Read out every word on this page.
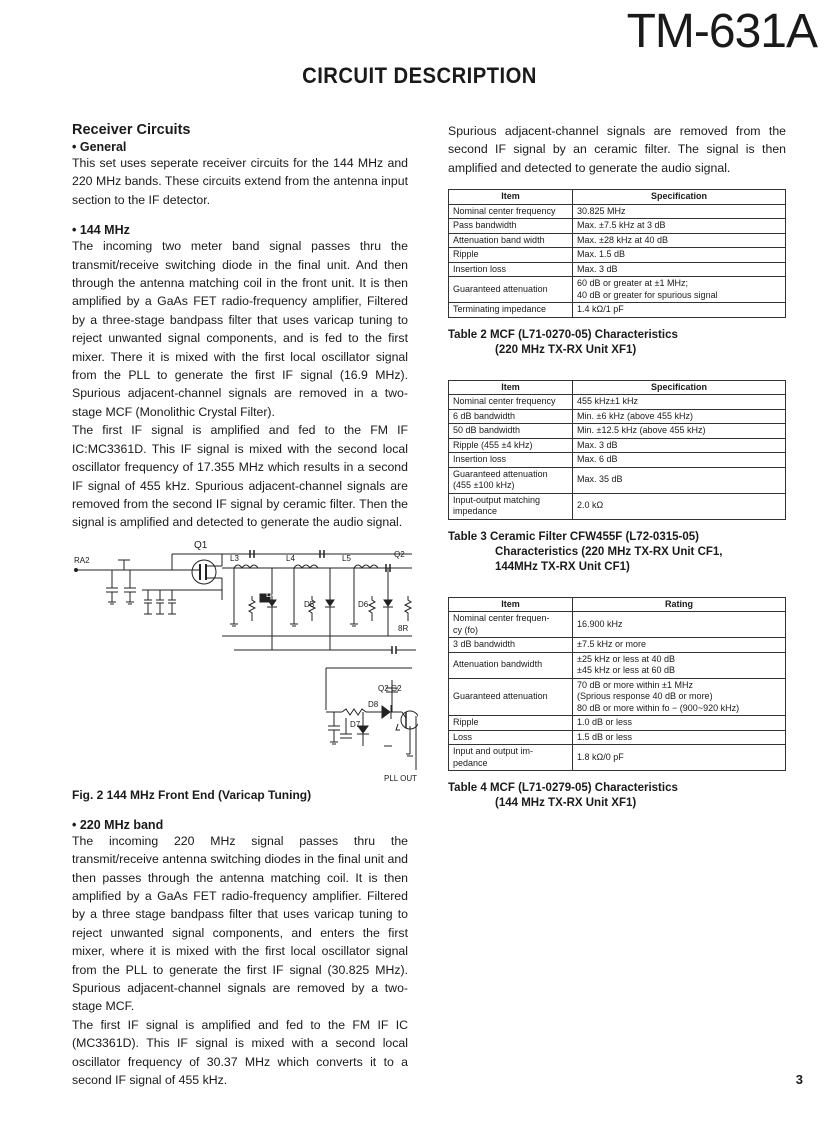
TM-631A
CIRCUIT DESCRIPTION
Receiver Circuits
• General

This set uses seperate receiver circuits for the 144 MHz and 220 MHz bands. These circuits extend from the antenna input section to the IF detector.

• 144 MHz

The incoming two meter band signal passes thru the transmit/receive switching diode in the final unit. And then through the antenna matching coil in the front unit. It is then amplified by a GaAs FET radio-frequency amplifier, Filtered by a three-stage bandpass filter that uses varicap tuning to reject unwanted signal components, and is fed to the first mixer. There it is mixed with the first local oscillator signal from the PLL to generate the first IF signal (16.9 MHz). Spurious adjacent-channel signals are removed in a two-stage MCF (Monolithic Crystal Filter).

The first IF signal is amplified and fed to the FM IF IC:MC3361D. This IF signal is mixed with the second local oscillator frequency of 17.355 MHz which results in a second IF signal of 455 kHz. Spurious adjacent-channel signals are removed from the second IF signal by ceramic filter. Then the signal is amplified and detected to generate the audio signal.

RA2
Q1
Q2
L3	L4	L5
D4
D5	D6
D7
D8
8R
Q2 G2
PLL OUT
Fig. 2 144 MHz Front End (Varicap Tuning)
• 220 MHz band

The incoming 220 MHz signal passes thru the transmit/receive antenna switching diodes in the final unit and then passes through the antenna matching coil. It is then amplified by a GaAs FET radio-frequency amplifier. Filtered by a three stage bandpass filter that uses varicap tuning to reject unwanted signal components, and enters the first mixer, where it is mixed with the first local oscillator signal from the PLL to generate the first IF signal (30.825 MHz). Spurious adjacent-channel signals are removed by a two-stage MCF.

The first IF signal is amplified and fed to the FM IF IC (MC3361D). This IF signal is mixed with a second local oscillator frequency of 30.37 MHz which converts it to a second IF signal of 455 kHz.

Spurious adjacent-channel signals are removed from the second IF signal by an ceramic filter. The signal is then amplified and detected to generate the audio signal.

Item	Specification
Nominal center frequency	30.825 MHz
Pass bandwidth	Max. ±7.5 kHz at 3 dB
Attenuation band width	Max. ±28 kHz at 40 dB
Ripple	Max. 1.5 dB
Insertion loss	Max. 3 dB
Guaranteed attenuation	60 dB or greater at ±1 MHz;
40 dB or greater for spurious signal
Terminating impedance	1.4 kΩ/1 pF
Table 2 MCF (L71-0270-05) Characteristics
(220 MHz TX-RX Unit XF1)
Item	Specification
Nominal center frequency	455 kHz±1 kHz
6 dB bandwidth	Min. ±6 kHz (above 455 kHz)
50 dB bandwidth	Min. ±12.5 kHz (above 455 kHz)
Ripple (455 ±4 kHz)	Max. 3 dB
Insertion loss	Max. 6 dB
Guaranteed attenuation
(455 ±100 kHz)	Max. 35 dB
Input-output matching
impedance	2.0 kΩ
Table 3 Ceramic Filter CFW455F (L72-0315-05)
Characteristics (220 MHz TX-RX Unit CF1,
144MHz TX-RX Unit CF1)
Item	Rating
Nominal center frequen-
cy (fo)	16.900 kHz
3 dB bandwidth	±7.5 kHz or more
Attenuation bandwidth	±25 kHz or less at 40 dB
±45 kHz or less at 60 dB
Guaranteed attenuation	70 dB or more within ±1 MHz
(Sprious response 40 dB or more)
80 dB or more within fo − (900~920 kHz)
Ripple	1.0 dB or less
Loss	1.5 dB or less
Input and output im-
pedance	1.8 kΩ/0 pF
Table 4 MCF (L71-0279-05) Characteristics
(144 MHz TX-RX Unit XF1)
3
